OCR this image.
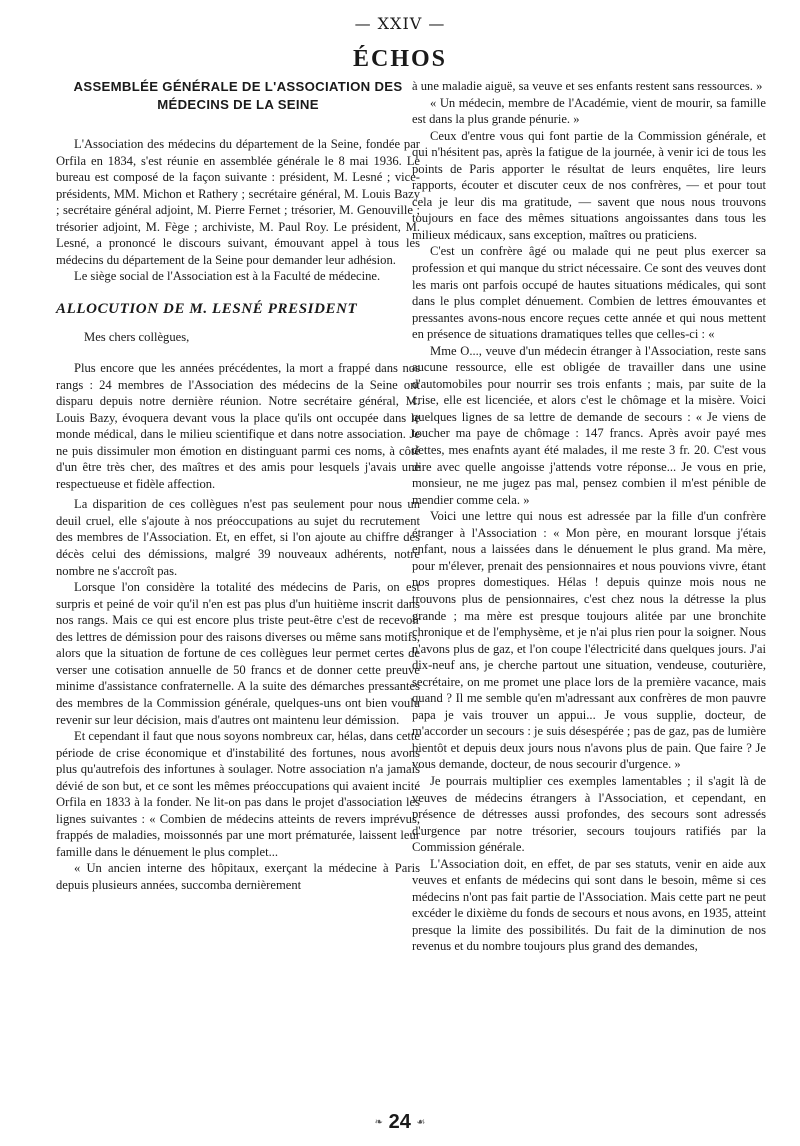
— XXIV —
ÉCHOS
ASSEMBLÉE GÉNÉRALE DE L'ASSOCIATION DES MÉDECINS DE LA SEINE

L'Association des médecins du département de la Seine, fondée par Orfila en 1834, s'est réunie en assemblée générale le 8 mai 1936. Le bureau est composé de la façon suivante : président, M. Lesné ; vice-présidents, MM. Michon et Rathery ; secrétaire général, M. Louis Bazy ; secrétaire général adjoint, M. Pierre Fernet ; trésorier, M. Genouville ; trésorier adjoint, M. Fège ; archiviste, M. Paul Roy. Le président, M. Lesné, a prononcé le discours suivant, émouvant appel à tous les médecins du département de la Seine pour demander leur adhésion.

Le siège social de l'Association est à la Faculté de médecine.

ALLOCUTION DE M. LESNÉ PRESIDENT
Mes chers collègues,

Plus encore que les années précédentes, la mort a frappé dans nos rangs : 24 membres de l'Association des médecins de la Seine ont disparu depuis notre dernière réunion. Notre secrétaire général, M. Louis Bazy, évoquera devant vous la place qu'ils ont occupée dans le monde médical, dans le milieu scientifique et dans notre association. Je ne puis dissimuler mon émotion en distinguant parmi ces noms, à côté d'un être très cher, des maîtres et des amis pour lesquels j'avais une respectueuse et fidèle affection.

La disparition de ces collègues n'est pas seulement pour nous un deuil cruel, elle s'ajoute à nos préoccupations au sujet du recrutement des membres de l'Association. Et, en effet, si l'on ajoute au chiffre des décès celui des démissions, malgré 39 nouveaux adhérents, notre nombre ne s'accroît pas.

Lorsque l'on considère la totalité des médecins de Paris, on est surpris et peiné de voir qu'il n'en est pas plus d'un huitième inscrit dans nos rangs. Mais ce qui est encore plus triste peut-être c'est de recevoir des lettres de démission pour des raisons diverses ou même sans motifs, alors que la situation de fortune de ces collègues leur permet certes de verser une cotisation annuelle de 50 francs et de donner cette preuve minime d'assistance confraternelle. A la suite des démarches pressantes des membres de la Commission générale, quelques-uns ont bien voulu revenir sur leur décision, mais d'autres ont maintenu leur démission.

Et cependant il faut que nous soyons nombreux car, hélas, dans cette période de crise économique et d'instabilité des fortunes, nous avons plus qu'autrefois des infortunes à soulager. Notre association n'a jamais dévié de son but, et ce sont les mêmes préoccupations qui avaient incité Orfila en 1833 à la fonder. Ne lit-on pas dans le projet d'association les lignes suivantes : « Combien de médecins atteints de revers imprévus, frappés de maladies, moissonnés par une mort prématurée, laissent leur famille dans le dénuement le plus complet...

« Un ancien interne des hôpitaux, exerçant la médecine à Paris depuis plusieurs années, succomba dernièrement

à une maladie aiguë, sa veuve et ses enfants restent sans ressources. »

« Un médecin, membre de l'Académie, vient de mourir, sa famille est dans la plus grande pénurie. »

Ceux d'entre vous qui font partie de la Commission générale, et qui n'hésitent pas, après la fatigue de la journée, à venir ici de tous les points de Paris apporter le résultat de leurs enquêtes, lire leurs rapports, écouter et discuter ceux de nos confrères, — et pour tout cela je leur dis ma gratitude, — savent que nous nous trouvons toujours en face des mêmes situations angoissantes dans tous les milieux médicaux, sans exception, maîtres ou praticiens.

C'est un confrère âgé ou malade qui ne peut plus exercer sa profession et qui manque du strict nécessaire. Ce sont des veuves dont les maris ont parfois occupé de hautes situations médicales, qui sont dans le plus complet dénuement. Combien de lettres émouvantes et pressantes avons-nous encore reçues cette année et qui nous mettent en présence de situations dramatiques telles que celles-ci : «

Mme O..., veuve d'un médecin étranger à l'Association, reste sans aucune ressource, elle est obligée de travailler dans une usine d'automobiles pour nourrir ses trois enfants ; mais, par suite de la crise, elle est licenciée, et alors c'est le chômage et la misère. Voici quelques lignes de sa lettre de demande de secours : « Je viens de toucher ma paye de chômage : 147 francs. Après avoir payé mes dettes, mes enafnts ayant été malades, il me reste 3 fr. 20. C'est vous dire avec quelle angoisse j'attends votre réponse... Je vous en prie, monsieur, ne me jugez pas mal, pensez combien il m'est pénible de mendier comme cela. »

Voici une lettre qui nous est adressée par la fille d'un confrère étranger à l'Association : « Mon père, en mourant lorsque j'étais enfant, nous a laissées dans le dénuement le plus grand. Ma mère, pour m'élever, prenait des pensionnaires et nous pouvions vivre, étant nos propres domestiques. Hélas ! depuis quinze mois nous ne trouvons plus de pensionnaires, c'est chez nous la détresse la plus grande ; ma mère est presque toujours alitée par une bronchite chronique et de l'emphysème, et je n'ai plus rien pour la soigner. Nous n'avons plus de gaz, et l'on coupe l'électricité dans quelques jours. J'ai dix-neuf ans, je cherche partout une situation, vendeuse, couturière, secrétaire, on me promet une place lors de la première vacance, mais quand ? Il me semble qu'en m'adressant aux confrères de mon pauvre papa je vais trouver un appui... Je vous supplie, docteur, de m'accorder un secours : je suis désespérée ; pas de gaz, pas de lumière bientôt et depuis deux jours nous n'avons plus de pain. Que faire ? Je vous demande, docteur, de nous secourir d'urgence. »

Je pourrais multiplier ces exemples lamentables ; il s'agit là de veuves de médecins étrangers à l'Association, et cependant, en présence de détresses aussi profondes, des secours sont adressés d'urgence par notre trésorier, secours toujours ratifiés par la Commission générale.

L'Association doit, en effet, de par ses statuts, venir en aide aux veuves et enfants de médecins qui sont dans le besoin, même si ces médecins n'ont pas fait partie de l'Association. Mais cette part ne peut excéder le dixième du fonds de secours et nous avons, en 1935, atteint presque la limite des possibilités. Du fait de la diminution de nos revenus et du nombre toujours plus grand des demandes,

❧ 24 ☙
